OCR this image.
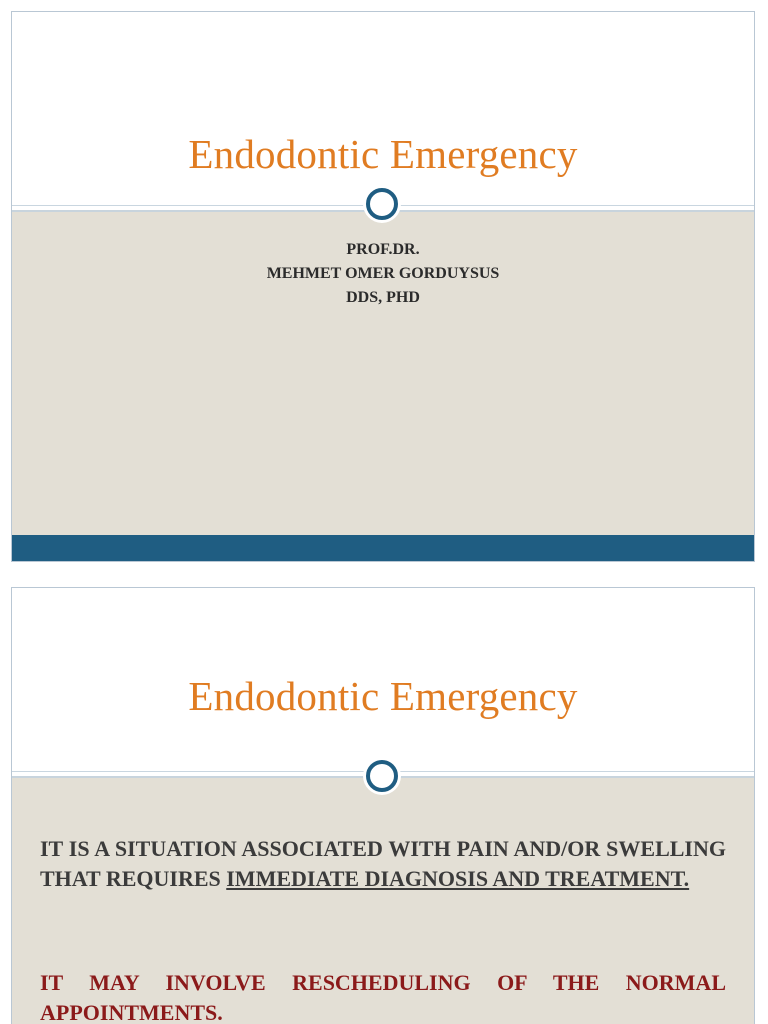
Endodontic Emergency
PROF.DR.
MEHMET OMER GORDUYSUS
DDS, PHD
Endodontic Emergency

IT IS A SITUATION ASSOCIATED WITH PAIN AND/OR SWELLING THAT REQUIRES IMMEDIATE DIAGNOSIS AND TREATMENT.

IT MAY INVOLVE RESCHEDULING OF THE NORMAL APPOINTMENTS.
